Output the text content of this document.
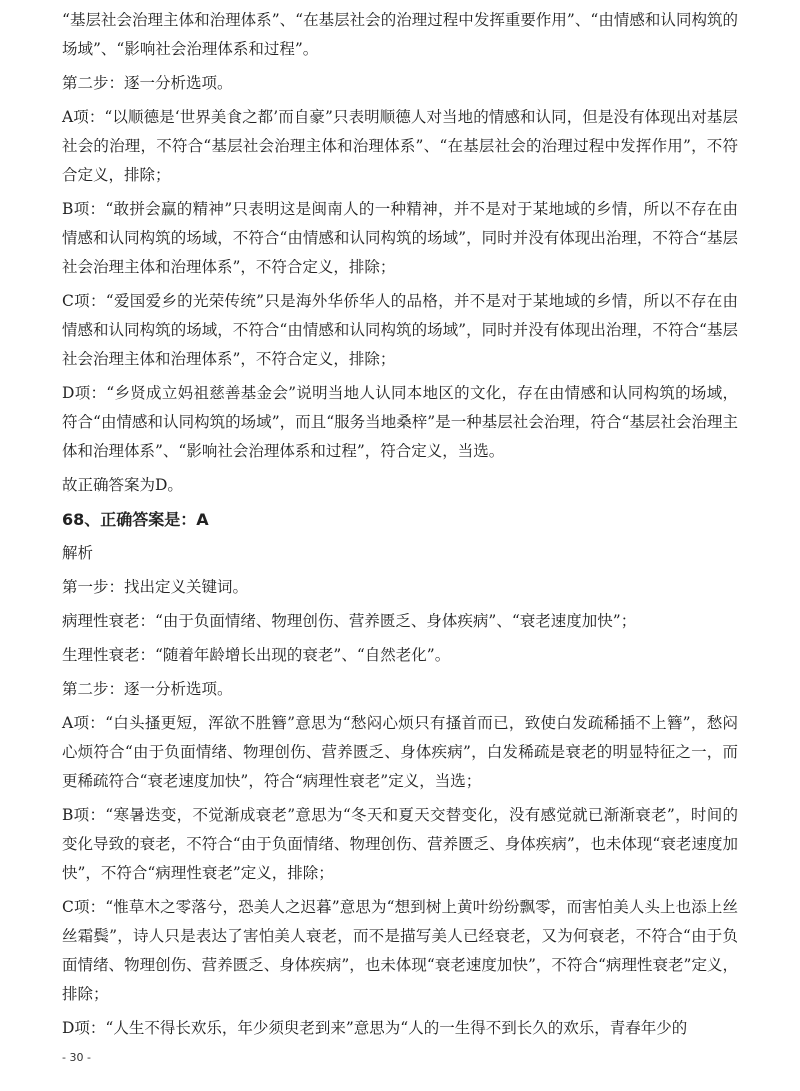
“基层社会治理主体和治理体系”、“在基层社会的治理过程中发挥重要作用”、“由情感和认同构筑的场域”、“影响社会治理体系和过程”。

第二步：逐一分析选项。

A项：“以顺德是‘世界美食之都’而自豪”只表明顺德人对当地的情感和认同，但是没有体现出对基层社会的治理，不符合“基层社会治理主体和治理体系”、“在基层社会的治理过程中发挥作用”，不符合定义，排除；

B项：“敢拼会赢的精神”只表明这是闽南人的一种精神，并不是对于某地域的乡情，所以不存在由情感和认同构筑的场域，不符合“由情感和认同构筑的场域”，同时并没有体现出治理，不符合“基层社会治理主体和治理体系”，不符合定义，排除；

C项：“爱国爱乡的光荣传统”只是海外华侨华人的品格，并不是对于某地域的乡情，所以不存在由情感和认同构筑的场域，不符合“由情感和认同构筑的场域”，同时并没有体现出治理，不符合“基层社会治理主体和治理体系”，不符合定义，排除；

D项：“乡贤成立妈祖慈善基金会”说明当地人认同本地区的文化，存在由情感和认同构筑的场域，符合“由情感和认同构筑的场域”，而且“服务当地桑梓”是一种基层社会治理，符合“基层社会治理主体和治理体系”、“影响社会治理体系和过程”，符合定义，当选。

故正确答案为D。

68、正确答案是：A

解析

第一步：找出定义关键词。

病理性衰老：“由于负面情绪、物理创伤、营养匮乏、身体疾病”、“衰老速度加快”；

生理性衰老：“随着年龄增长出现的衰老”、“自然老化”。

第二步：逐一分析选项。

A项：“白头搔更短，浑欲不胜簪”意思为“愁闷心烦只有搔首而已，致使白发疏稀插不上簪”，愁闷心烦符合“由于负面情绪、物理创伤、营养匮乏、身体疾病”，白发稀疏是衰老的明显特征之一，而更稀疏符合“衰老速度加快”，符合“病理性衰老”定义，当选；

B项：“寒暑迭变，不觉渐成衰老”意思为“冬天和夏天交替变化，没有感觉就已渐渐衰老”，时间的变化导致的衰老，不符合“由于负面情绪、物理创伤、营养匮乏、身体疾病”，也未体现“衰老速度加快”，不符合“病理性衰老”定义，排除；

C项：“惟草木之零落兮，恐美人之迟暮”意思为“想到树上黄叶纷纷飘零，而害怕美人头上也添上丝丝霜鬓”，诗人只是表达了害怕美人衰老，而不是描写美人已经衰老，又为何衰老，不符合“由于负面情绪、物理创伤、营养匮乏、身体疾病”，也未体现“衰老速度加快”，不符合“病理性衰老”定义，排除；

D项：“人生不得长欢乐，年少须臾老到来”意思为“人的一生得不到长久的欢乐，青春年少的

- 30 -
